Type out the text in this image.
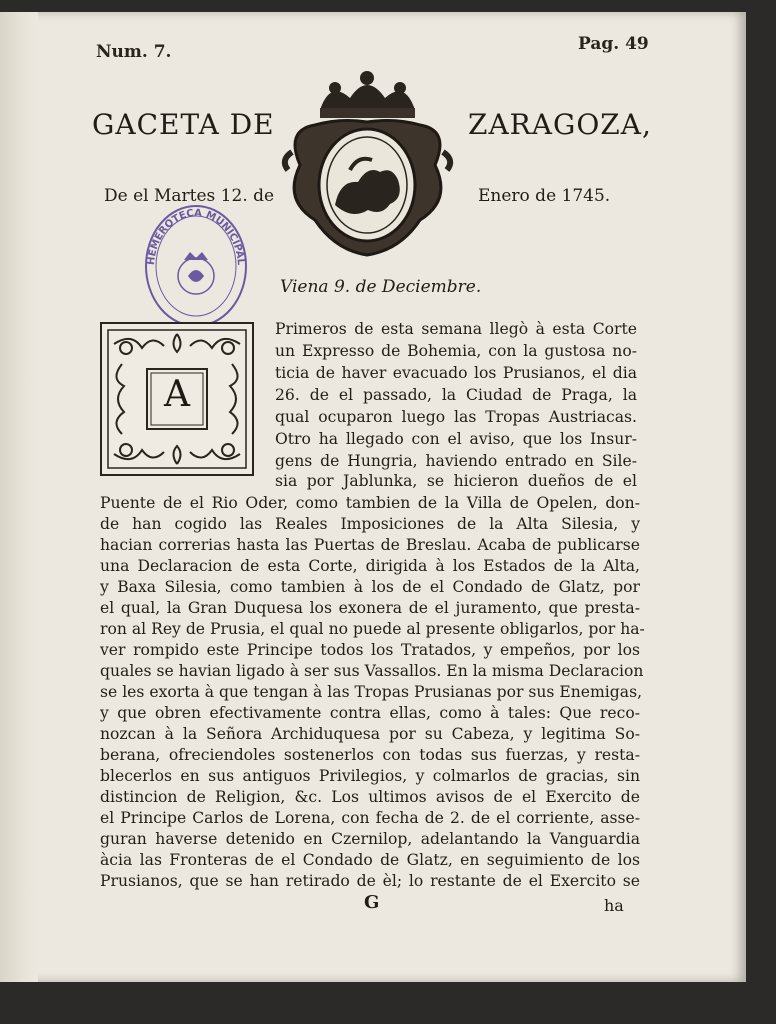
Num. 7.	Pag. 49
GACETA DE	ZARAGOZA,
De el Martes 12. de	Enero de 1745.
HEMEROTECA MUNICIPAL
Viena 9. de Deciembre.
A
Primeros de esta semana llegò à esta Corte
un Expresso de Bohemia, con la gustosa no-
ticia de haver evacuado los Prusianos, el dia
26. de el passado, la Ciudad de Praga, la
qual ocuparon luego las Tropas Austriacas.
Otro ha llegado con el aviso, que los Insur-
gens de Hungria, haviendo entrado en Sile-
sia por Jablunka, se hicieron dueños de el
Puente de el Rio Oder, como tambien de la Villa de Opelen, don-
de han cogido las Reales Imposiciones de la Alta Silesia, y
hacian correrias hasta las Puertas de Breslau. Acaba de publicarse
una Declaracion de esta Corte, dirigida à los Estados de la Alta,
y Baxa Silesia, como tambien à los de el Condado de Glatz, por
el qual, la Gran Duquesa los exonera de el juramento, que presta-
ron al Rey de Prusia, el qual no puede al presente obligarlos, por ha-
ver rompido este Principe todos los Tratados, y empeños, por los
quales se havian ligado à ser sus Vassallos. En la misma Declaracion
se les exorta à que tengan à las Tropas Prusianas por sus Enemigas,
y que obren efectivamente contra ellas, como à tales: Que reco-
nozcan à la Señora Archiduquesa por su Cabeza, y legitima So-
berana, ofreciendoles sostenerlos con todas sus fuerzas, y resta-
blecerlos en sus antiguos Privilegios, y colmarlos de gracias, sin
distincion de Religion, &c. Los ultimos avisos de el Exercito de
el Principe Carlos de Lorena, con fecha de 2. de el corriente, asse-
guran haverse detenido en Czernilop, adelantando la Vanguardia
àcia las Fronteras de el Condado de Glatz, en seguimiento de los
Prusianos, que se han retirado de èl; lo restante de el Exercito se
G	ha
